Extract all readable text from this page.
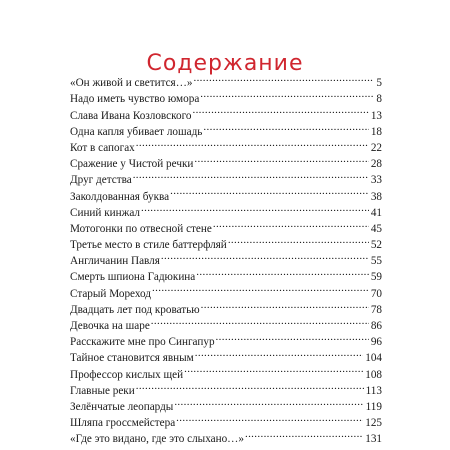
Содержание
«Он живой и светится…» . . .	5
Надо иметь чувство юмора . . .	8
Слава Ивана Козловского . . .	13
Одна капля убивает лошадь . . .	18
Кот в сапогах . . .	22
Сражение у Чистой речки . . .	28
Друг детства . . .	33
Заколдованная буква . . .	38
Синий кинжал . . .	41
Мотогонки по отвесной стене . . .	45
Третье место в стиле баттерфляй . . .	52
Англичанин Павля . . .	55
Смерть шпиона Гадюкина . . .	59
Старый Мореход . . .	70
Двадцать лет под кроватью . . .	78
Девочка на шаре . . .	86
Расскажите мне про Сингапур . . .	96
Тайное становится явным . . .	104
Профессор кислых щей . . .	108
Главные реки . . .	113
Зелёнчатые леопарды . . .	119
Шляпа гроссмейстера . . .	125
«Где это видано, где это слыхано…» . . .	131
